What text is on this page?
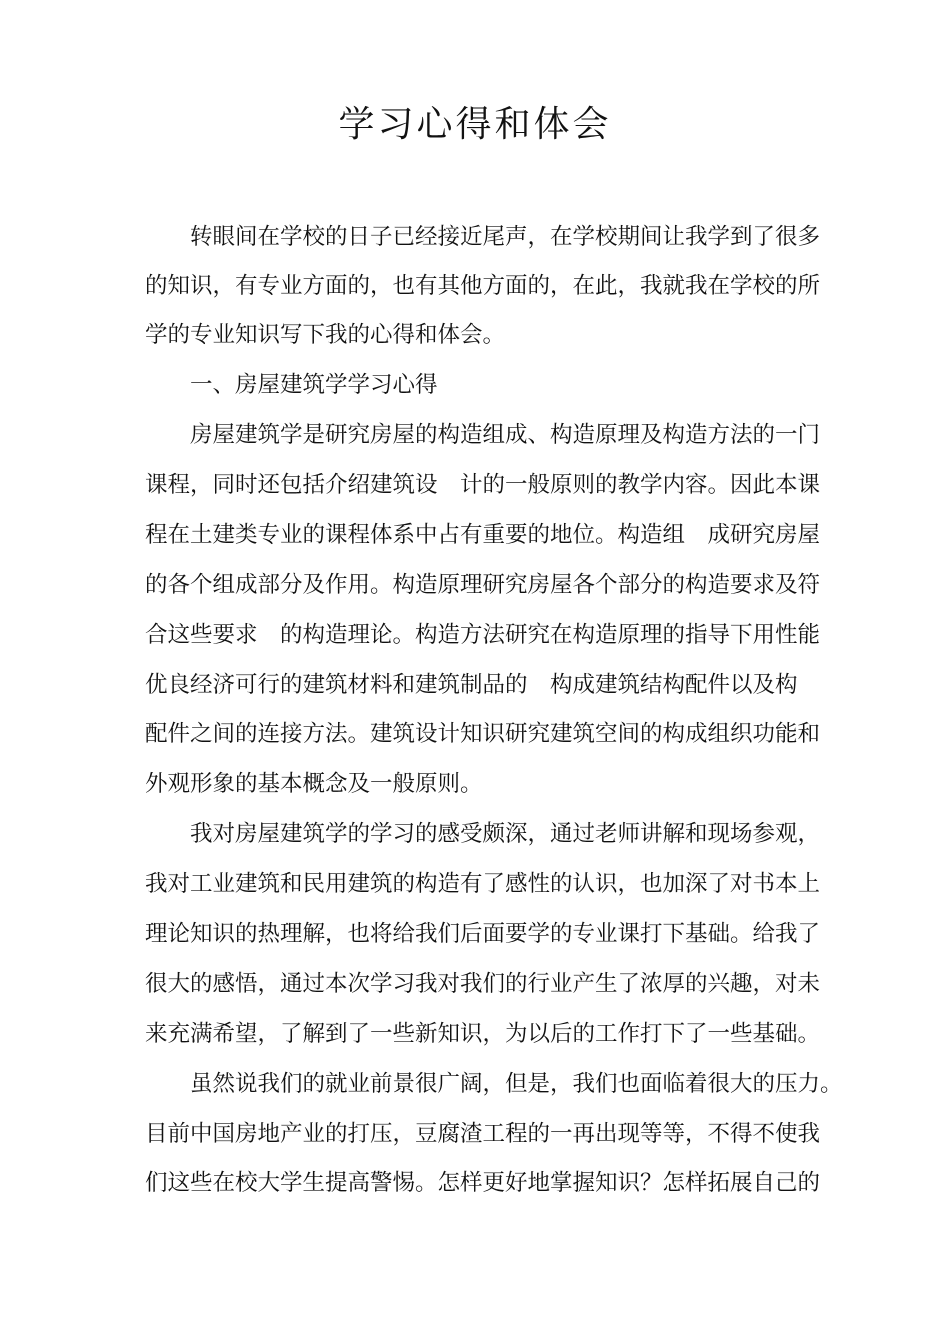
学习心得和体会
转眼间在学校的日子已经接近尾声，在学校期间让我学到了很多
的知识，有专业方面的，也有其他方面的，在此，我就我在学校的所
学的专业知识写下我的心得和体会。
一、房屋建筑学学习心得
房屋建筑学是研究房屋的构造组成、构造原理及构造方法的一门
课程，同时还包括介绍建筑设　计的一般原则的教学内容。因此本课
程在土建类专业的课程体系中占有重要的地位。构造组　成研究房屋
的各个组成部分及作用。构造原理研究房屋各个部分的构造要求及符
合这些要求　的构造理论。构造方法研究在构造原理的指导下用性能
优良经济可行的建筑材料和建筑制品的　构成建筑结构配件以及构
配件之间的连接方法。建筑设计知识研究建筑空间的构成组织功能和
外观形象的基本概念及一般原则。
我对房屋建筑学的学习的感受颇深，通过老师讲解和现场参观，
我对工业建筑和民用建筑的构造有了感性的认识，也加深了对书本上
理论知识的热理解，也将给我们后面要学的专业课打下基础。给我了
很大的感悟，通过本次学习我对我们的行业产生了浓厚的兴趣，对未
来充满希望，了解到了一些新知识，为以后的工作打下了一些基础。
虽然说我们的就业前景很广阔，但是，我们也面临着很大的压力。
目前中国房地产业的打压，豆腐渣工程的一再出现等等，不得不使我
们这些在校大学生提高警惕。怎样更好地掌握知识？怎样拓展自己的
